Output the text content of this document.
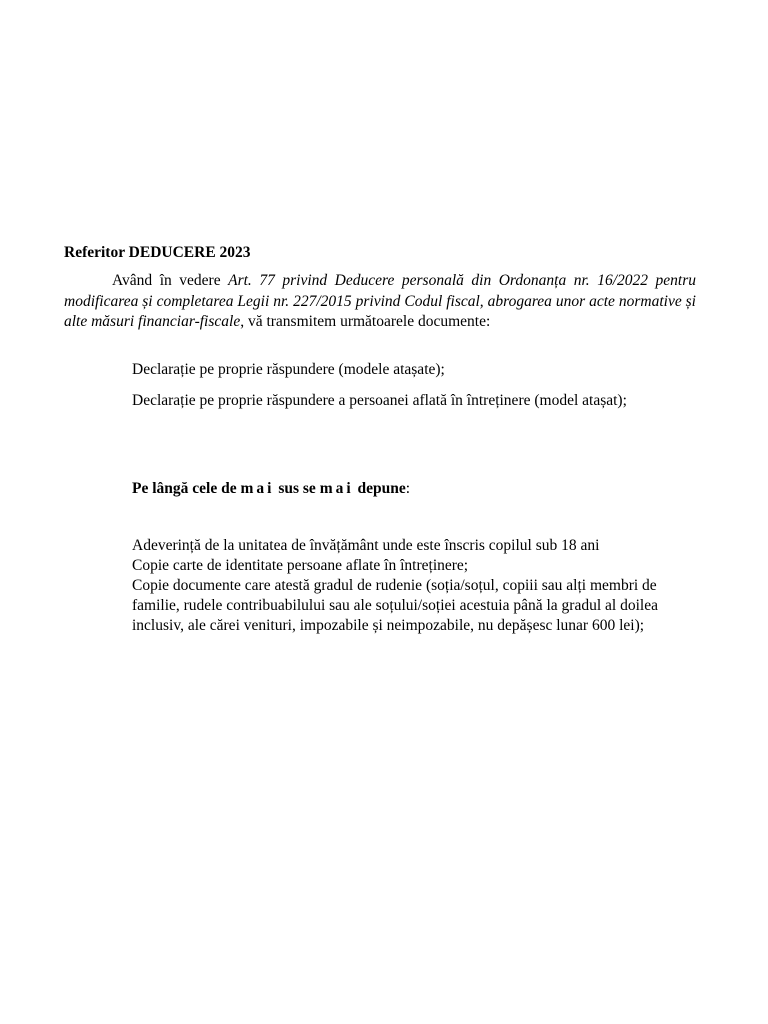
Referitor DEDUCERE 2023
Având în vedere Art. 77 privind Deducere personală din Ordonanța nr. 16/2022 pentru modificarea și completarea Legii nr. 227/2015 privind Codul fiscal, abrogarea unor acte normative și alte măsuri financiar-fiscale, vă transmitem următoarele documente:
Declarație pe proprie răspundere (modele atașate);
Declarație pe proprie răspundere a persoanei aflată în întreținere (model atașat);
Pe lângă cele de mai sus se mai depune:
Adeverință de la unitatea de învățământ unde este înscris copilul sub 18 ani
Copie carte de identitate persoane aflate în întreținere;
Copie documente care atestă gradul de rudenie (soția/soțul, copiii sau alți membri de familie, rudele contribuabilului sau ale soțului/soției acestuia până la gradul al doilea inclusiv, ale cărei venituri, impozabile și neimpozabile, nu depășesc lunar 600 lei);
